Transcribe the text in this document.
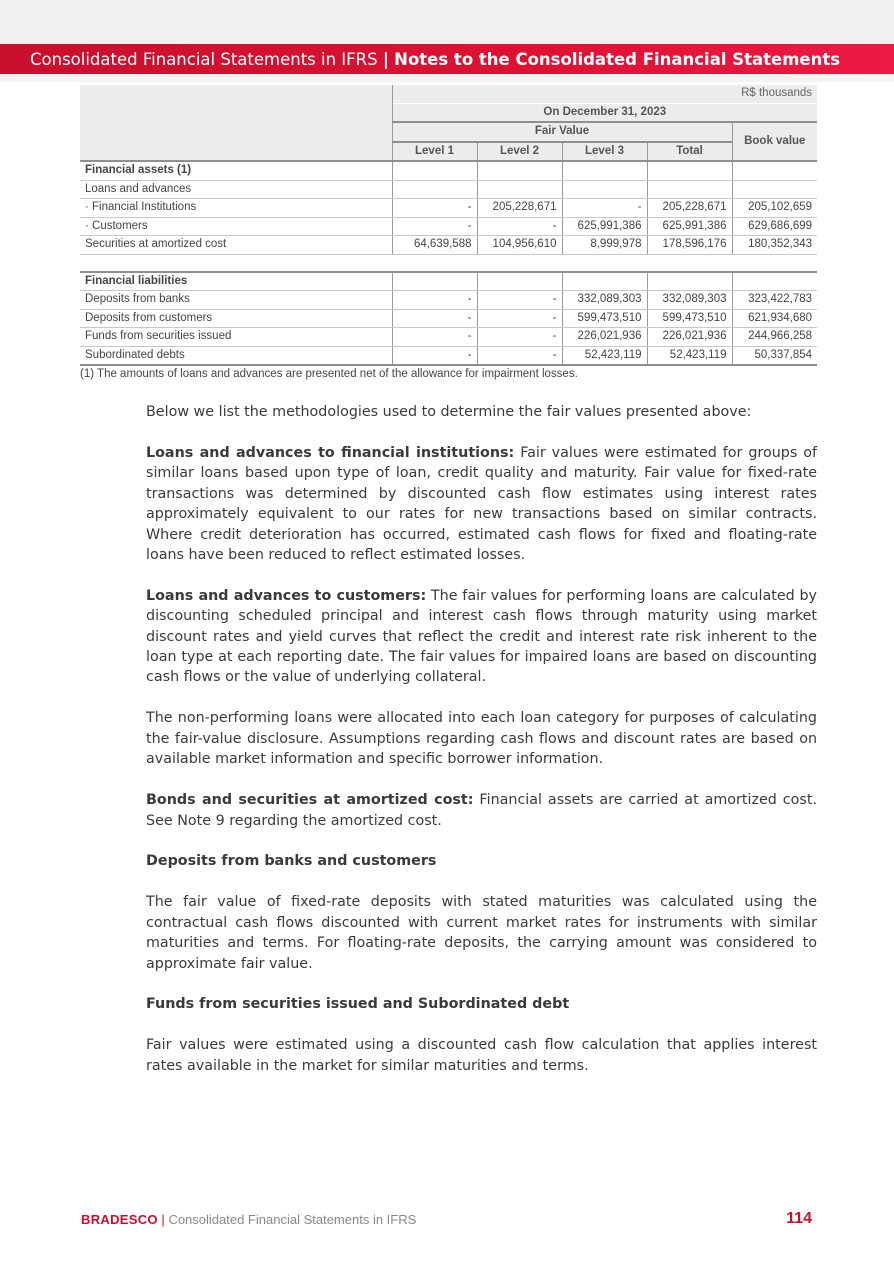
Consolidated Financial Statements in IFRS | Notes to the Consolidated Financial Statements
	R$ thousands				
	On December 31, 2023				
	Fair Value				Book value
	Level 1	Level 2	Level 3	Total	
Financial assets (1)					
Loans and advances					
· Financial Institutions	-	205,228,671	-	205,228,671	205,102,659
· Customers	-	-	625,991,386	625,991,386	629,686,699
Securities at amortized cost	64,639,588	104,956,610	8,999,978	178,596,176	180,352,343

Financial liabilities					
Deposits from banks	-	-	332,089,303	332,089,303	323,422,783
Deposits from customers	-	-	599,473,510	599,473,510	621,934,680
Funds from securities issued	-	-	226,021,936	226,021,936	244,966,258
Subordinated debts	-	-	52,423,119	52,423,119	50,337,854
(1) The amounts of loans and advances are presented net of the allowance for impairment losses.

Below we list the methodologies used to determine the fair values presented above:

Loans and advances to financial institutions: Fair values were estimated for groups of similar loans based upon type of loan, credit quality and maturity. Fair value for fixed-rate transactions was determined by discounted cash flow estimates using interest rates approximately equivalent to our rates for new transactions based on similar contracts. Where credit deterioration has occurred, estimated cash flows for fixed and floating-rate loans have been reduced to reflect estimated losses.

Loans and advances to customers: The fair values for performing loans are calculated by discounting scheduled principal and interest cash flows through maturity using market discount rates and yield curves that reflect the credit and interest rate risk inherent to the loan type at each reporting date. The fair values for impaired loans are based on discounting cash flows or the value of underlying collateral.

The non-performing loans were allocated into each loan category for purposes of calculating the fair-value disclosure. Assumptions regarding cash flows and discount rates are based on available market information and specific borrower information.

Bonds and securities at amortized cost: Financial assets are carried at amortized cost. See Note 9 regarding the amortized cost.

Deposits from banks and customers

The fair value of fixed-rate deposits with stated maturities was calculated using the contractual cash flows discounted with current market rates for instruments with similar maturities and terms. For floating-rate deposits, the carrying amount was considered to approximate fair value.

Funds from securities issued and Subordinated debt

Fair values were estimated using a discounted cash flow calculation that applies interest rates available in the market for similar maturities and terms.

BRADESCO | Consolidated Financial Statements in IFRS	114
